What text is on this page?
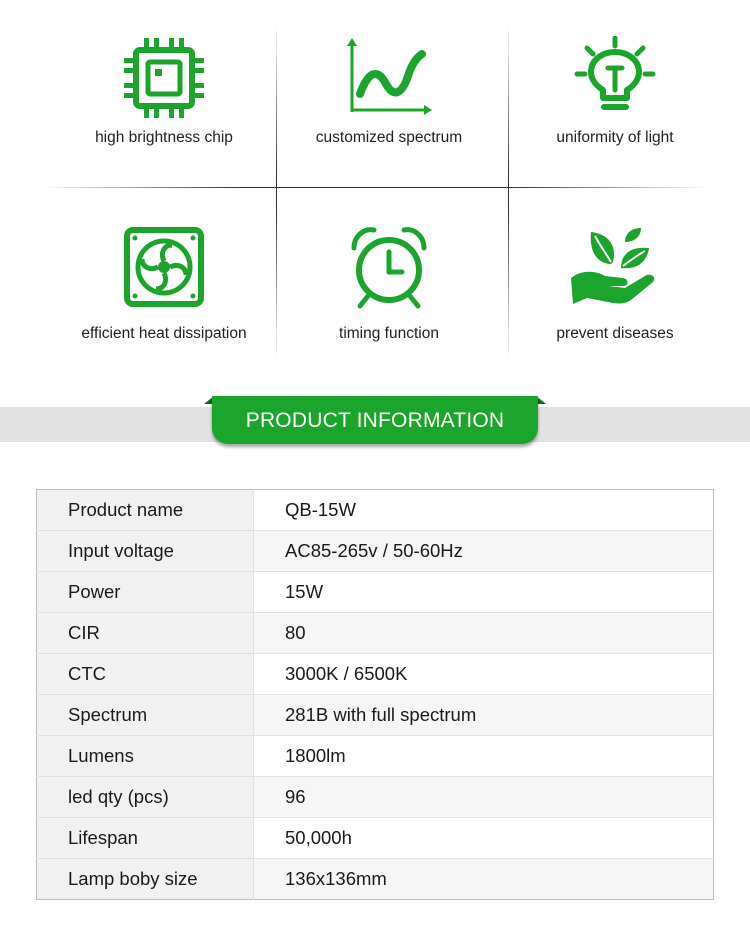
high brightness chip	customized spectrum	uniformity of light
efficient heat dissipation	timing function	prevent diseases
PRODUCT INFORMATION
Product name	QB-15W
Input voltage	AC85-265v / 50-60Hz
Power	15W
CIR	80
CTC	3000K / 6500K
Spectrum	281B with full spectrum
Lumens	1800lm
led qty (pcs)	96
Lifespan	50,000h
Lamp boby size	136x136mm
